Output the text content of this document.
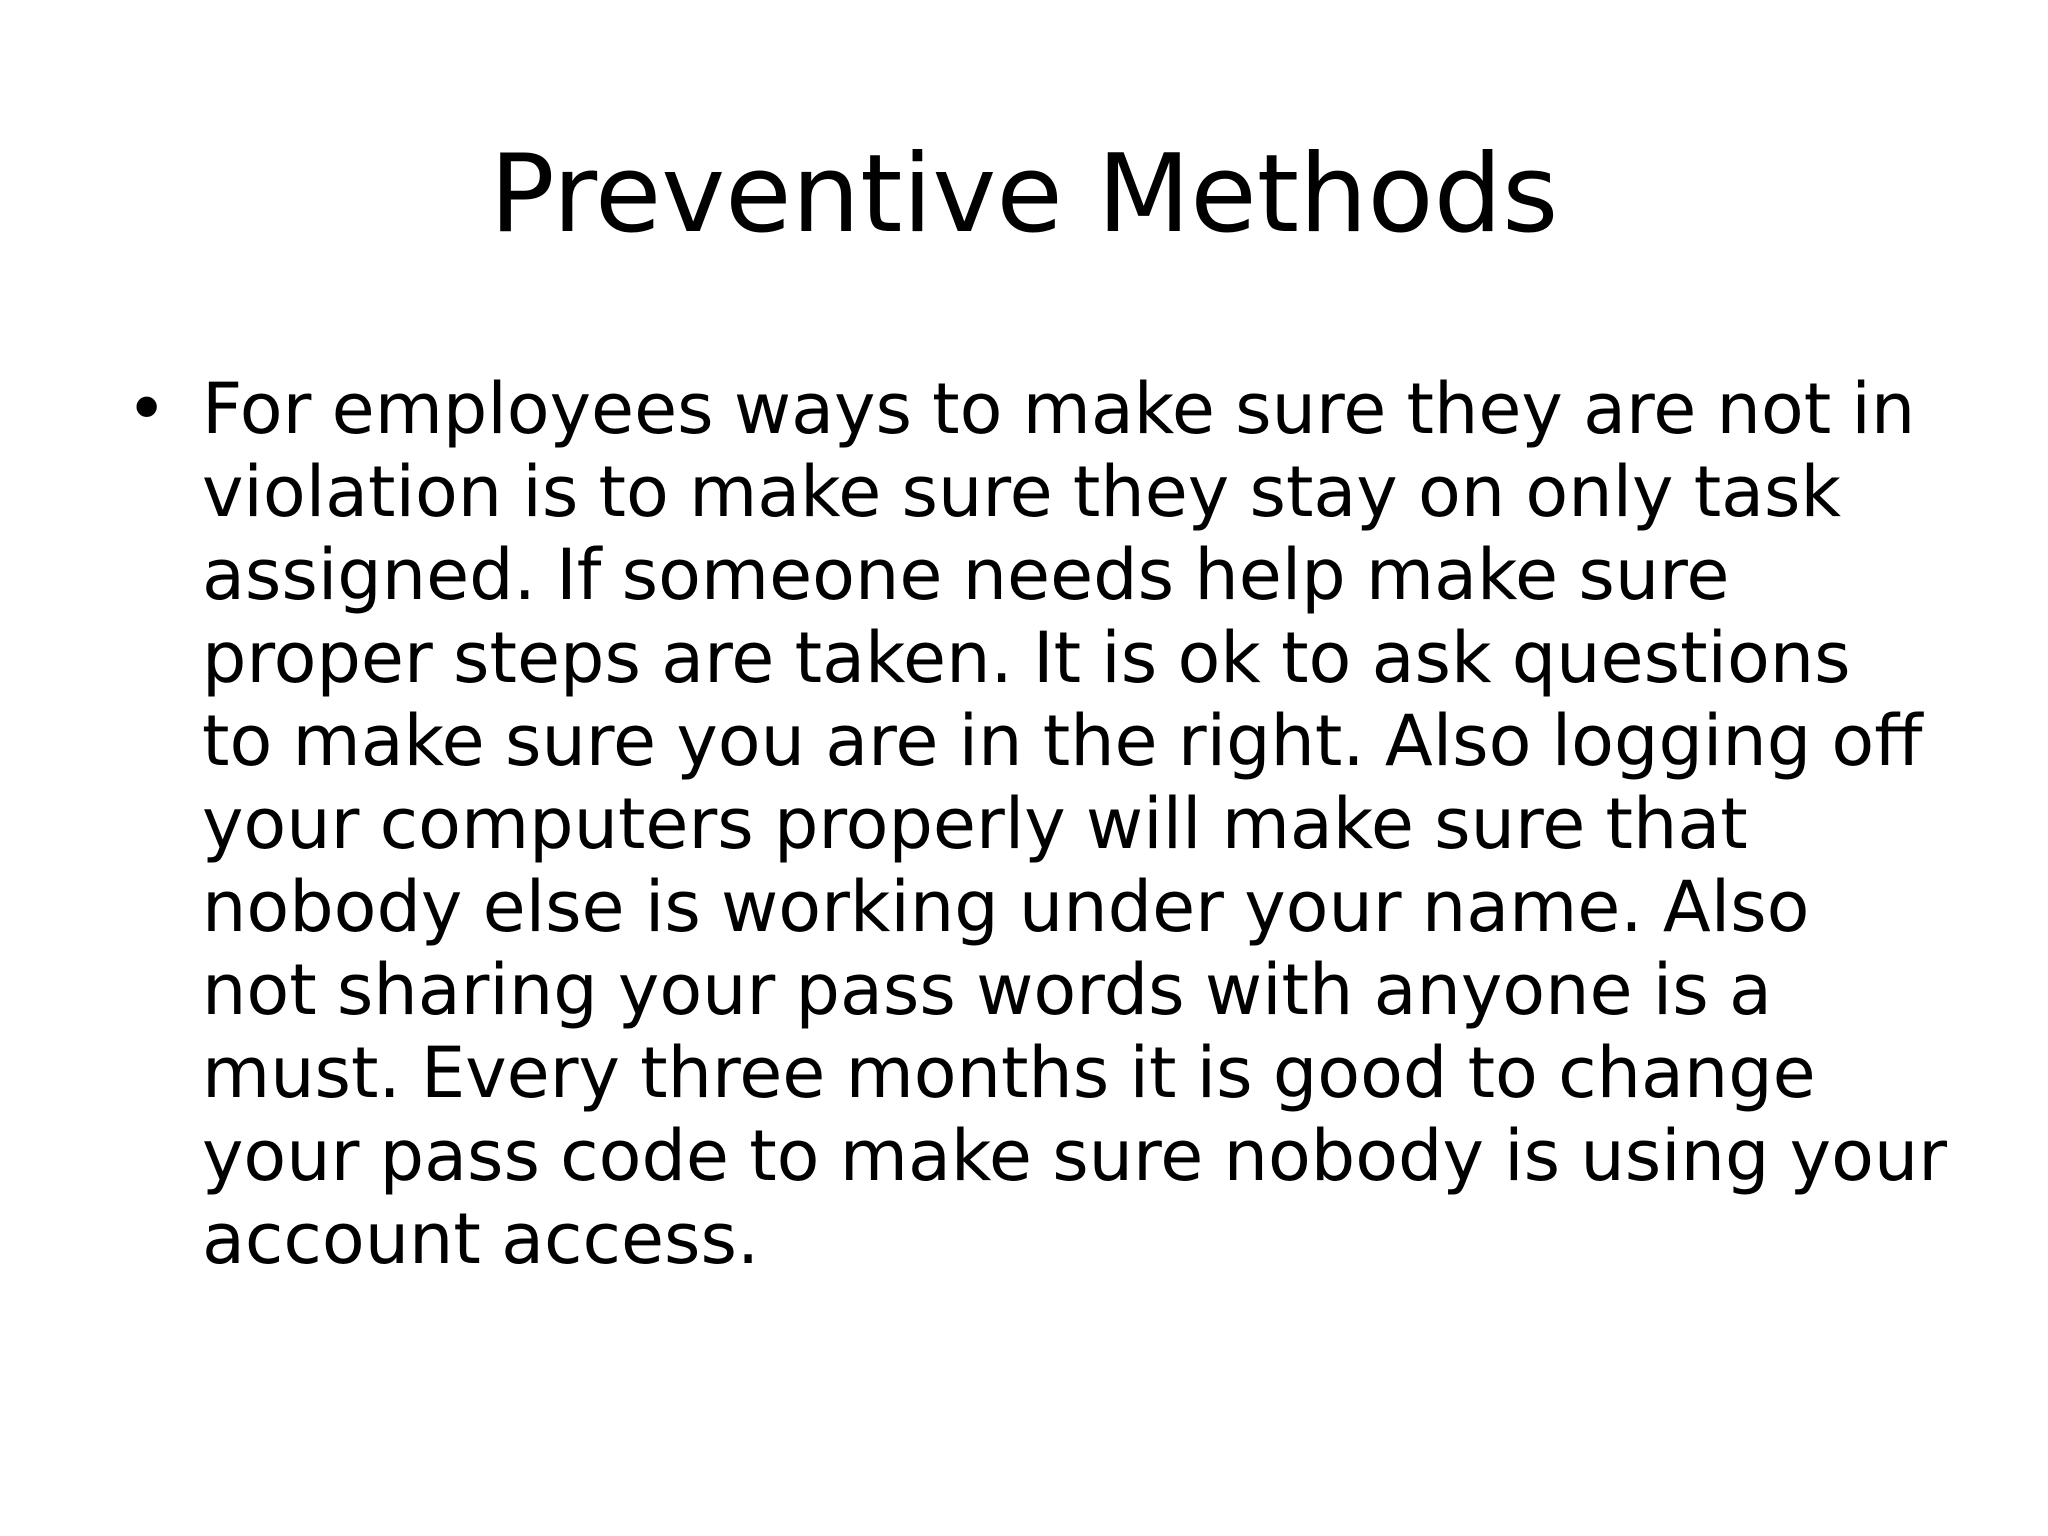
Preventive Methods
• For employees ways to make sure they are not in
violation is to make sure they stay on only task
assigned. If someone needs help make sure
proper steps are taken. It is ok to ask questions
to make sure you are in the right. Also logging off
your computers properly will make sure that
nobody else is working under your name. Also
not sharing your pass words with anyone is a
must. Every three months it is good to change
your pass code to make sure nobody is using your
account access.
